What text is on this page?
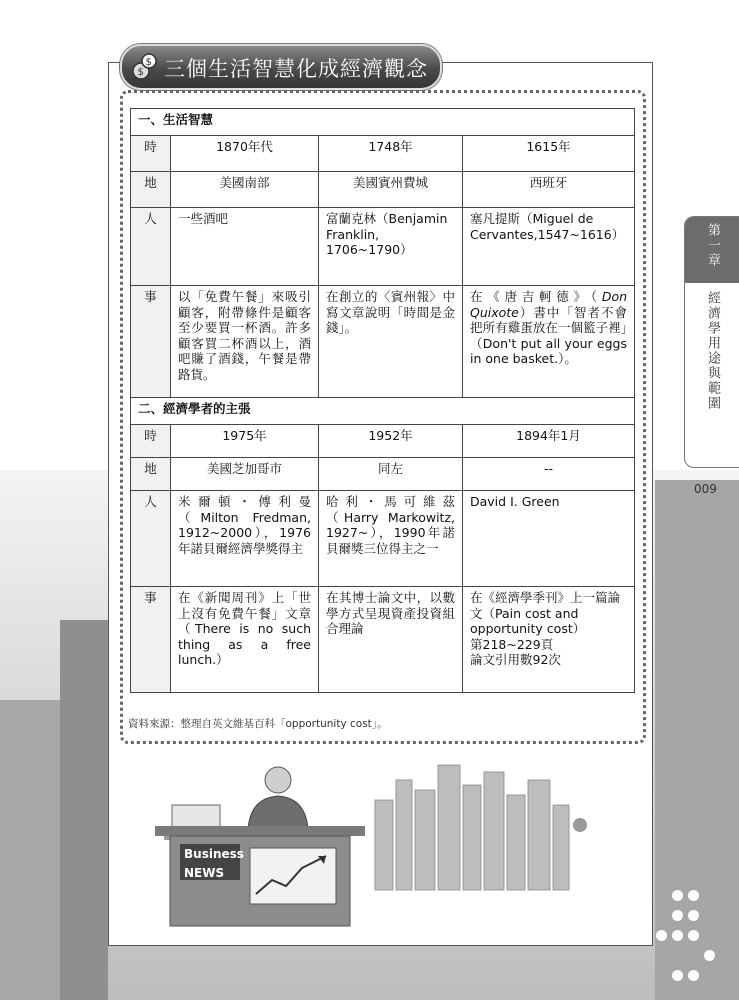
$
$ 三個生活智慧化成經濟觀念
一、生活智慧			
時	1870年代	1748年	1615年
地	美國南部	美國賓州費城	西班牙
人	一些酒吧	富蘭克林（Benjamin Franklin, 1706~1790）	塞凡提斯（Miguel de Cervantes,1547~1616）
事	以「免費午餐」來吸引顧客，附帶條件是顧客至少要買一杯酒。許多顧客買二杯酒以上，酒吧賺了酒錢，午餐是帶路貨。	在創立的〈賓州報〉中寫文章說明「時間是金錢」。	在《唐吉軻德》（Don Quixote）書中「智者不會把所有雞蛋放在一個籃子裡」（Don't put all your eggs in one basket.）。
二、經濟學者的主張			
時	1975年	1952年	1894年1月
地	美國芝加哥市	同左	--
人	米爾頓・傅利曼（Milton Fredman, 1912~2000），1976年諾貝爾經濟學獎得主	哈利・馬可維茲（Harry Markowitz, 1927~），1990年諾貝爾獎三位得主之一	David I. Green
事	在《新聞周刊》上「世上沒有免費午餐」文章（There is no such thing as a free lunch.）	在其博士論文中，以數學方式呈現資產投資組合理論	在《經濟學季刊》上一篇論文（Pain cost and opportunity cost）
第218~229頁
論文引用數92次
資料來源：整理自英文維基百科「opportunity cost」。
第一章
經濟學用途與範圍
009
Business
NEWS
